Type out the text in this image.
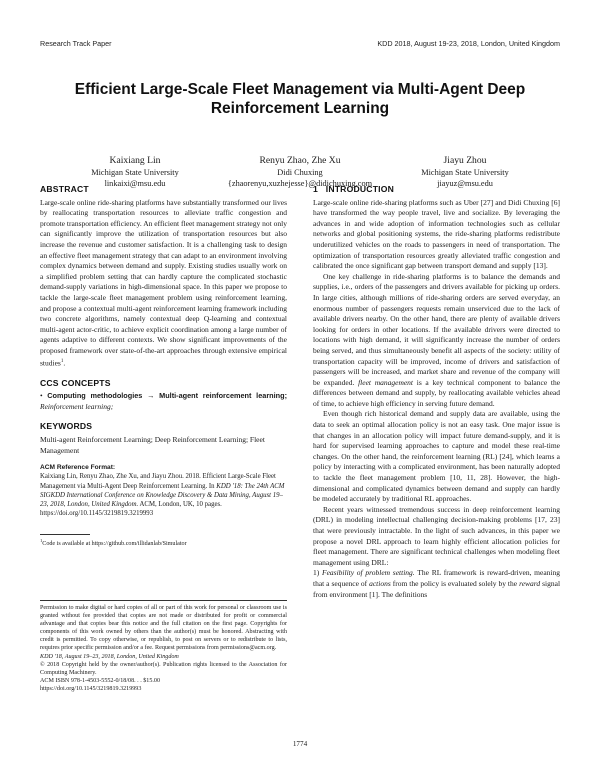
Research Track Paper	KDD 2018, August 19-23, 2018, London, United Kingdom
Efficient Large-Scale Fleet Management via Multi-Agent Deep Reinforcement Learning
Kaixiang Lin
Michigan State University
linkaixi@msu.edu
Renyu Zhao, Zhe Xu
Didi Chuxing
{zhaorenyu,xuzhejesse}@didichuxing.com
Jiayu Zhou
Michigan State University
jiayuz@msu.edu
ABSTRACT

Large-scale online ride-sharing platforms have substantially transformed our lives by reallocating transportation resources to alleviate traffic congestion and promote transportation efficiency. An efficient fleet management strategy not only can significantly improve the utilization of transportation resources but also increase the revenue and customer satisfaction. It is a challenging task to design an effective fleet management strategy that can adapt to an environment involving complex dynamics between demand and supply. Existing studies usually work on a simplified problem setting that can hardly capture the complicated stochastic demand-supply variations in high-dimensional space. In this paper we propose to tackle the large-scale fleet management problem using reinforcement learning, and propose a contextual multi-agent reinforcement learning framework including two concrete algorithms, namely contextual deep Q-learning and contextual multi-agent actor-critic, to achieve explicit coordination among a large number of agents adaptive to different contexts. We show significant improvements of the proposed framework over state-of-the-art approaches through extensive empirical studies$^1$.

CCS CONCEPTS

• Computing methodologies → Multi-agent reinforcement learning; Reinforcement learning;

KEYWORDS

Multi-agent Reinforcement Learning; Deep Reinforcement Learning; Fleet Management

ACM Reference Format:
Kaixiang Lin, Renyu Zhao, Zhe Xu, and Jiayu Zhou. 2018. Efficient Large-Scale Fleet Management via Multi-Agent Deep Reinforcement Learning. In KDD '18: The 24th ACM SIGKDD International Conference on Knowledge Discovery & Data Mining, August 19–23, 2018, London, United Kingdom. ACM, London, UK, 10 pages. https://doi.org/10.1145/3219819.3219993
$^1$Code is available at https://github.com/illidanlab/Simulator
Permission to make digital or hard copies of all or part of this work for personal or classroom use is granted without fee provided that copies are not made or distributed for profit or commercial advantage and that copies bear this notice and the full citation on the first page. Copyrights for components of this work owned by others than the author(s) must be honored. Abstracting with credit is permitted. To copy otherwise, or republish, to post on servers or to redistribute to lists, requires prior specific permission and/or a fee. Request permissions from permissions@acm.org.
KDD '18, August 19–23, 2018, London, United Kingdom
© 2018 Copyright held by the owner/author(s). Publication rights licensed to the Association for Computing Machinery.
ACM ISBN 978-1-4503-5552-0/18/08. . . $15.00
https://doi.org/10.1145/3219819.3219993
1   INTRODUCTION

Large-scale online ride-sharing platforms such as Uber [27] and Didi Chuxing [6] have transformed the way people travel, live and socialize. By leveraging the advances in and wide adoption of information technologies such as cellular networks and global positioning systems, the ride-sharing platforms redistribute underutilized vehicles on the roads to passengers in need of transportation. The optimization of transportation resources greatly alleviated traffic congestion and calibrated the once significant gap between transport demand and supply [13].

One key challenge in ride-sharing platforms is to balance the demands and supplies, i.e., orders of the passengers and drivers available for picking up orders. In large cities, although millions of ride-sharing orders are served everyday, an enormous number of passengers requests remain unserviced due to the lack of available drivers nearby. On the other hand, there are plenty of available drivers looking for orders in other locations. If the available drivers were directed to locations with high demand, it will significantly increase the number of orders being served, and thus simultaneously benefit all aspects of the society: utility of transportation capacity will be improved, income of drivers and satisfaction of passengers will be increased, and market share and revenue of the company will be expanded. fleet management is a key technical component to balance the differences between demand and supply, by reallocating available vehicles ahead of time, to achieve high efficiency in serving future demand.

Even though rich historical demand and supply data are available, using the data to seek an optimal allocation policy is not an easy task. One major issue is that changes in an allocation policy will impact future demand-supply, and it is hard for supervised learning approaches to capture and model these real-time changes. On the other hand, the reinforcement learning (RL) [24], which learns a policy by interacting with a complicated environment, has been naturally adopted to tackle the fleet management problem [10, 11, 28]. However, the high-dimensional and complicated dynamics between demand and supply can hardly be modeled accurately by traditional RL approaches.

Recent years witnessed tremendous success in deep reinforcement learning (DRL) in modeling intellectual challenging decision-making problems [17, 23] that were previously intractable. In the light of such advances, in this paper we propose a novel DRL approach to learn highly efficient allocation policies for fleet management. There are significant technical challenges when modeling fleet management using DRL:

1) Feasibility of problem setting. The RL framework is reward-driven, meaning that a sequence of actions from the policy is evaluated solely by the reward signal from environment [1]. The definitions

1774
